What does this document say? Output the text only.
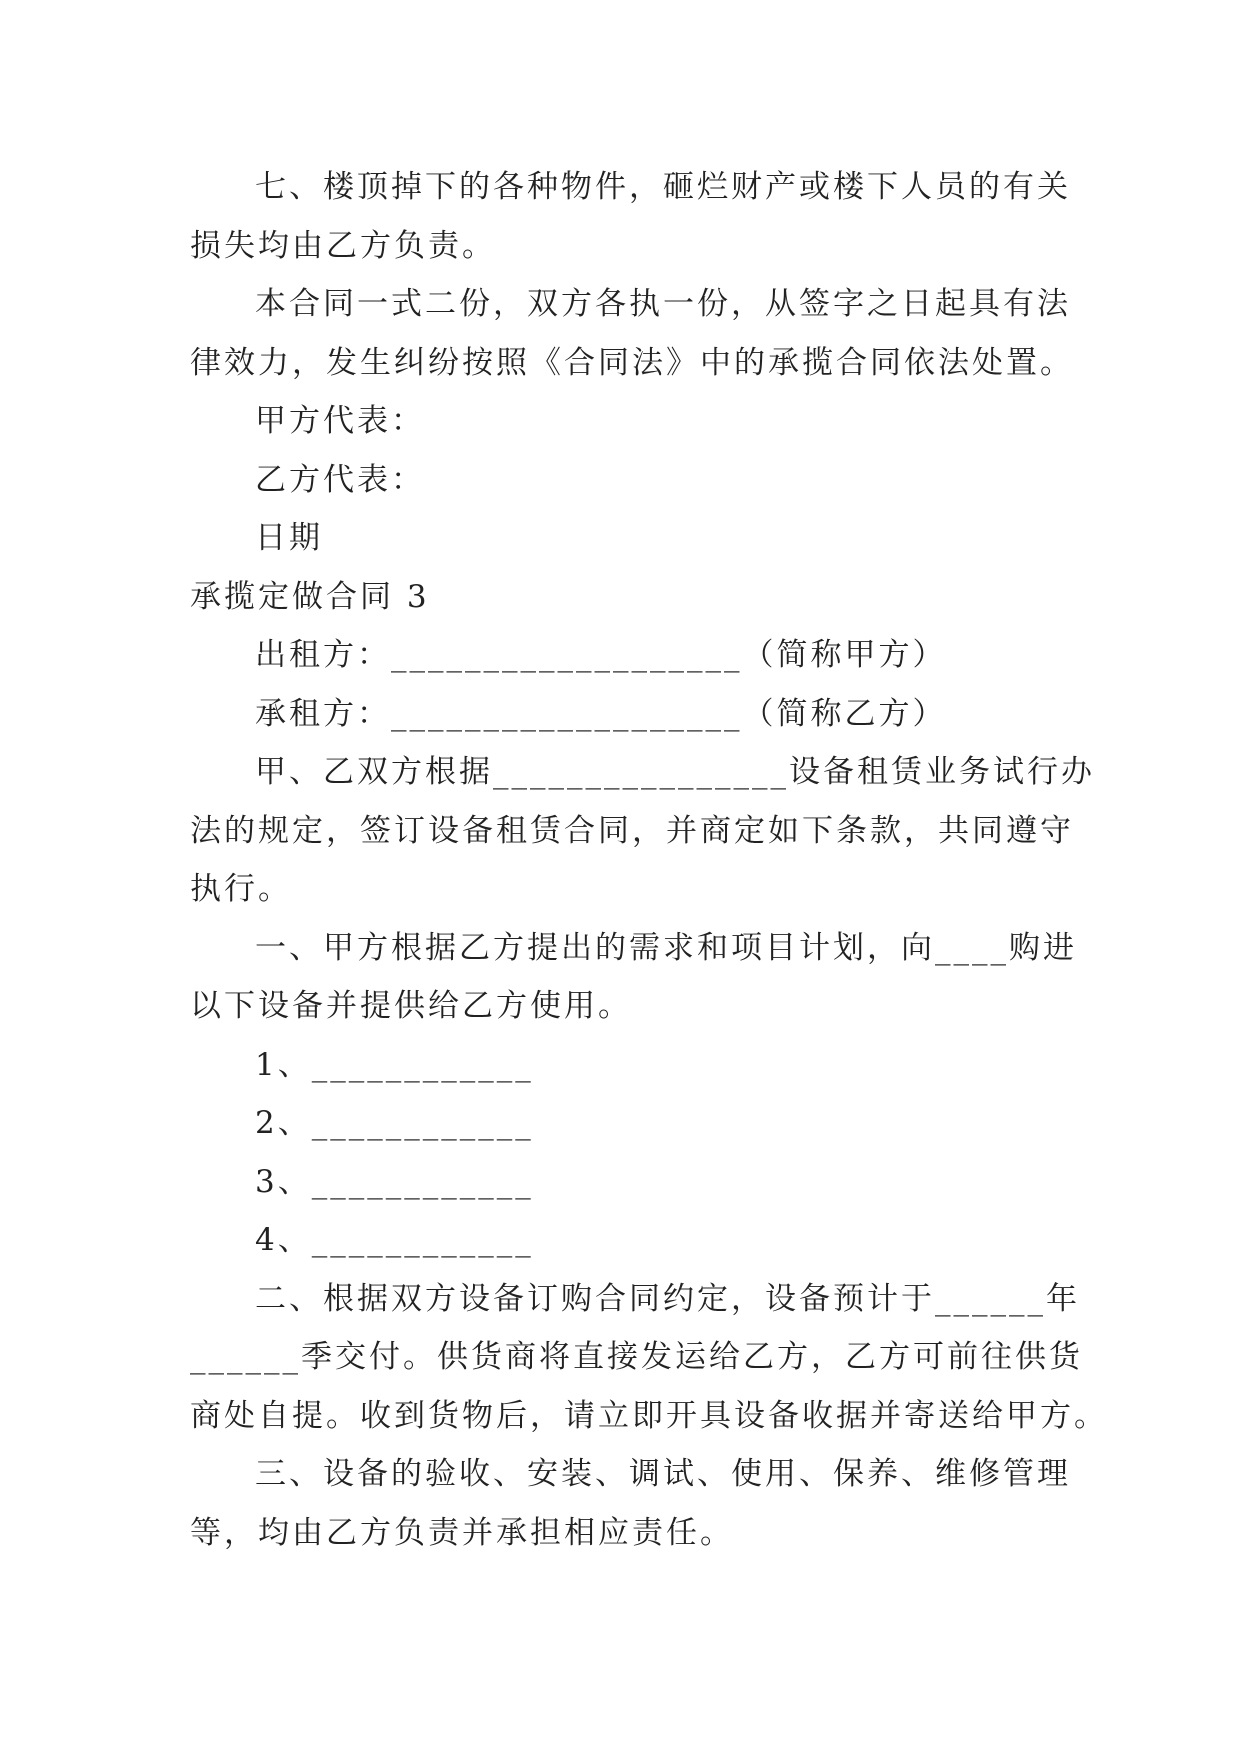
七、楼顶掉下的各种物件，砸烂财产或楼下人员的有关
损失均由乙方负责。
本合同一式二份，双方各执一份，从签字之日起具有法
律效力，发生纠纷按照《合同法》中的承揽合同依法处置。
甲方代表：
乙方代表：
日期
承揽定做合同 3
出租方：___________________（简称甲方）
承租方：___________________（简称乙方）
甲、乙双方根据________________设备租赁业务试行办
法的规定，签订设备租赁合同，并商定如下条款，共同遵守
执行。
一、甲方根据乙方提出的需求和项目计划，向____购进
以下设备并提供给乙方使用。
1、____________
2、____________
3、____________
4、____________
二、根据双方设备订购合同约定，设备预计于______年
______季交付。供货商将直接发运给乙方，乙方可前往供货
商处自提。收到货物后，请立即开具设备收据并寄送给甲方。
三、设备的验收、安装、调试、使用、保养、维修管理
等，均由乙方负责并承担相应责任。
